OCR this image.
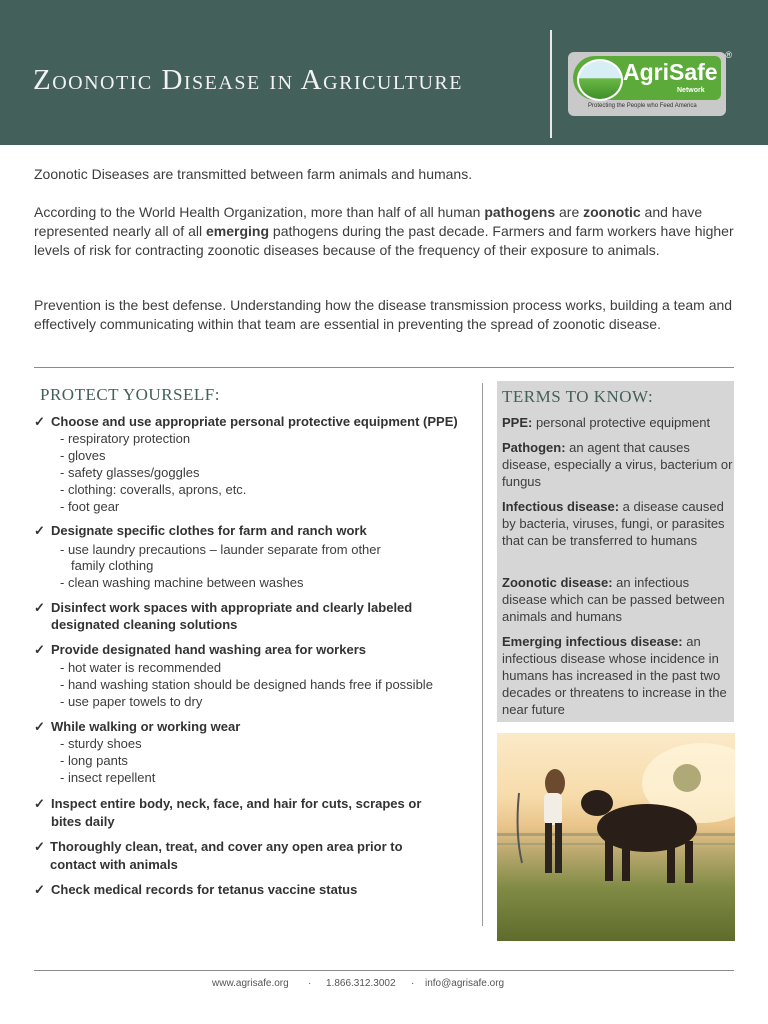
Zoonotic Disease in Agriculture	AgriSafe
Network
®
Protecting the People who Feed America

Zoonotic Diseases are transmitted between farm animals and humans.

According to the World Health Organization, more than half of all human pathogens are zoonotic and have represented nearly all of all emerging pathogens during the past decade. Farmers and farm workers have higher levels of risk for contracting zoonotic diseases because of the frequency of their exposure to animals.

Prevention is the best defense. Understanding how the disease transmission process works, building a team and effectively communicating within that team are essential in preventing the spread of zoonotic disease.

PROTECT YOURSELF:
✓ Choose and use appropriate personal protective equipment (PPE)
- respiratory protection
- gloves
- safety glasses/goggles
- clothing: coveralls, aprons, etc.
- foot gear
✓ Designate specific clothes for farm and ranch work
- use laundry precautions – launder separate from other
family clothing
- clean washing machine between washes
✓ Disinfect work spaces with appropriate and clearly labeled
designated cleaning solutions
✓ Provide designated hand washing area for workers
- hot water is recommended
- hand washing station should be designed hands free if possible
- use paper towels to dry
✓ While walking or working wear
- sturdy shoes
- long pants
- insect repellent
✓ Inspect entire body, neck, face, and hair for cuts, scrapes or
bites daily
✓ Thoroughly clean, treat, and cover any open area prior to
contact with animals
✓ Check medical records for tetanus vaccine status
TERMS TO KNOW:
PPE: personal protective equipment
Pathogen: an agent that causes disease, especially a virus, bacterium or fungus
Infectious disease: a disease caused by bacteria, viruses, fungi, or parasites that can be transferred to humans
Zoonotic disease: an infectious disease which can be passed between animals and humans
Emerging infectious disease: an infectious disease whose incidence in humans has increased in the past two decades or threatens to increase in the near future
www.agrisafe.org · 1.866.312.3002 · info@agrisafe.org
